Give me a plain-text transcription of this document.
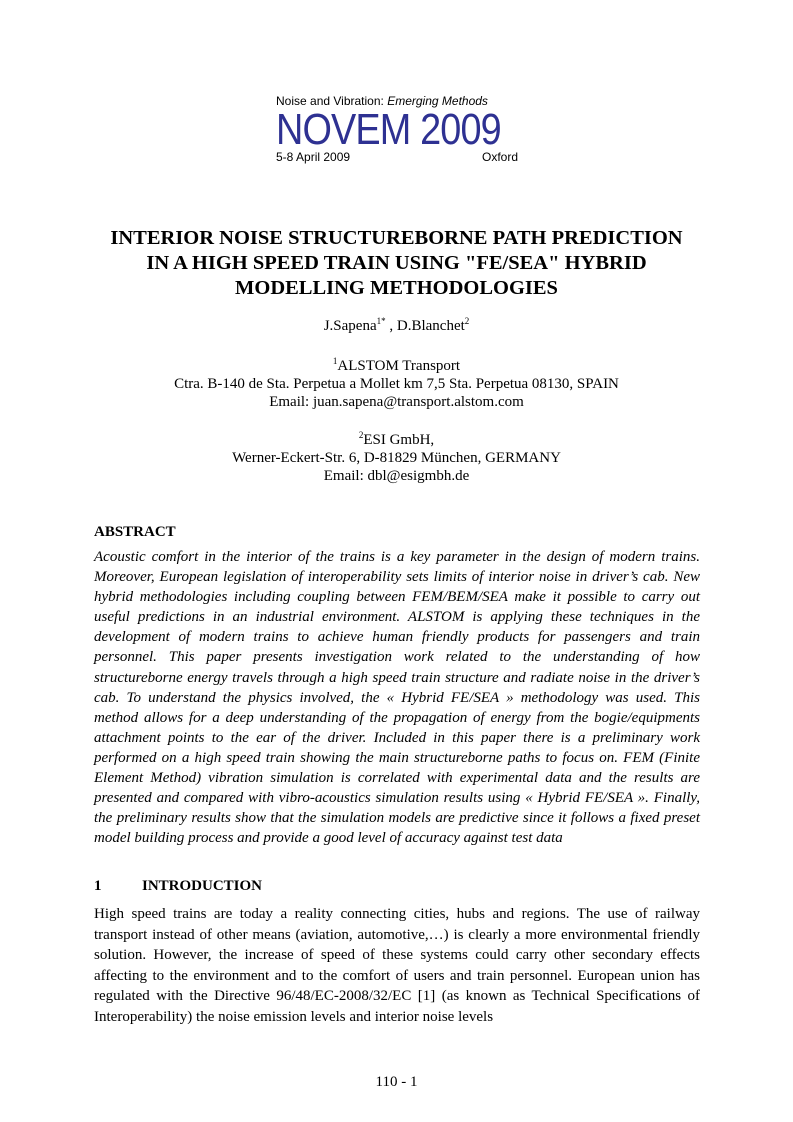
Noise and Vibration: Emerging Methods
NOVEM 2009
5-8 April 2009	Oxford
INTERIOR NOISE STRUCTUREBORNE PATH PREDICTION
IN A HIGH SPEED TRAIN USING "FE/SEA" HYBRID
MODELLING METHODOLOGIES
J.Sapena$^{1*}$ , D.Blanchet$^2$
$^1$ALSTOM Transport
Ctra. B-140 de Sta. Perpetua a Mollet km 7,5 Sta. Perpetua 08130, SPAIN
Email: juan.sapena@transport.alstom.com
$^2$ESI GmbH,
Werner-Eckert-Str. 6, D-81829 München, GERMANY
Email: dbl@esigmbh.de
ABSTRACT
Acoustic comfort in the interior of the trains is a key parameter in the design of modern trains. Moreover, European legislation of interoperability sets limits of interior noise in driver’s cab. New hybrid methodologies including coupling between FEM/BEM/SEA make it possible to carry out useful predictions in an industrial environment. ALSTOM is applying these techniques in the development of modern trains to achieve human friendly products for passengers and train personnel. This paper presents investigation work related to the understanding of how structureborne energy travels through a high speed train structure and radiate noise in the driver’s cab. To understand the physics involved, the « Hybrid FE/SEA » methodology was used. This method allows for a deep understanding of the propagation of energy from the bogie/equipments attachment points to the ear of the driver. Included in this paper there is a preliminary work performed on a high speed train showing the main structureborne paths to focus on. FEM (Finite Element Method) vibration simulation is correlated with experimental data and the results are presented and compared with vibro-acoustics simulation results using « Hybrid FE/SEA ». Finally, the preliminary results show that the simulation models are predictive since it follows a fixed preset model building process and provide a good level of accuracy against test data
1	INTRODUCTION
High speed trains are today a reality connecting cities, hubs and regions. The use of railway transport instead of other means (aviation, automotive,…) is clearly a more environmental friendly solution. However, the increase of speed of these systems could carry other secondary effects affecting to the environment and to the comfort of users and train personnel. European union has regulated with the Directive 96/48/EC-2008/32/EC [1] (as known as Technical Specifications of Interoperability) the noise emission levels and interior noise levels
110 - 1
